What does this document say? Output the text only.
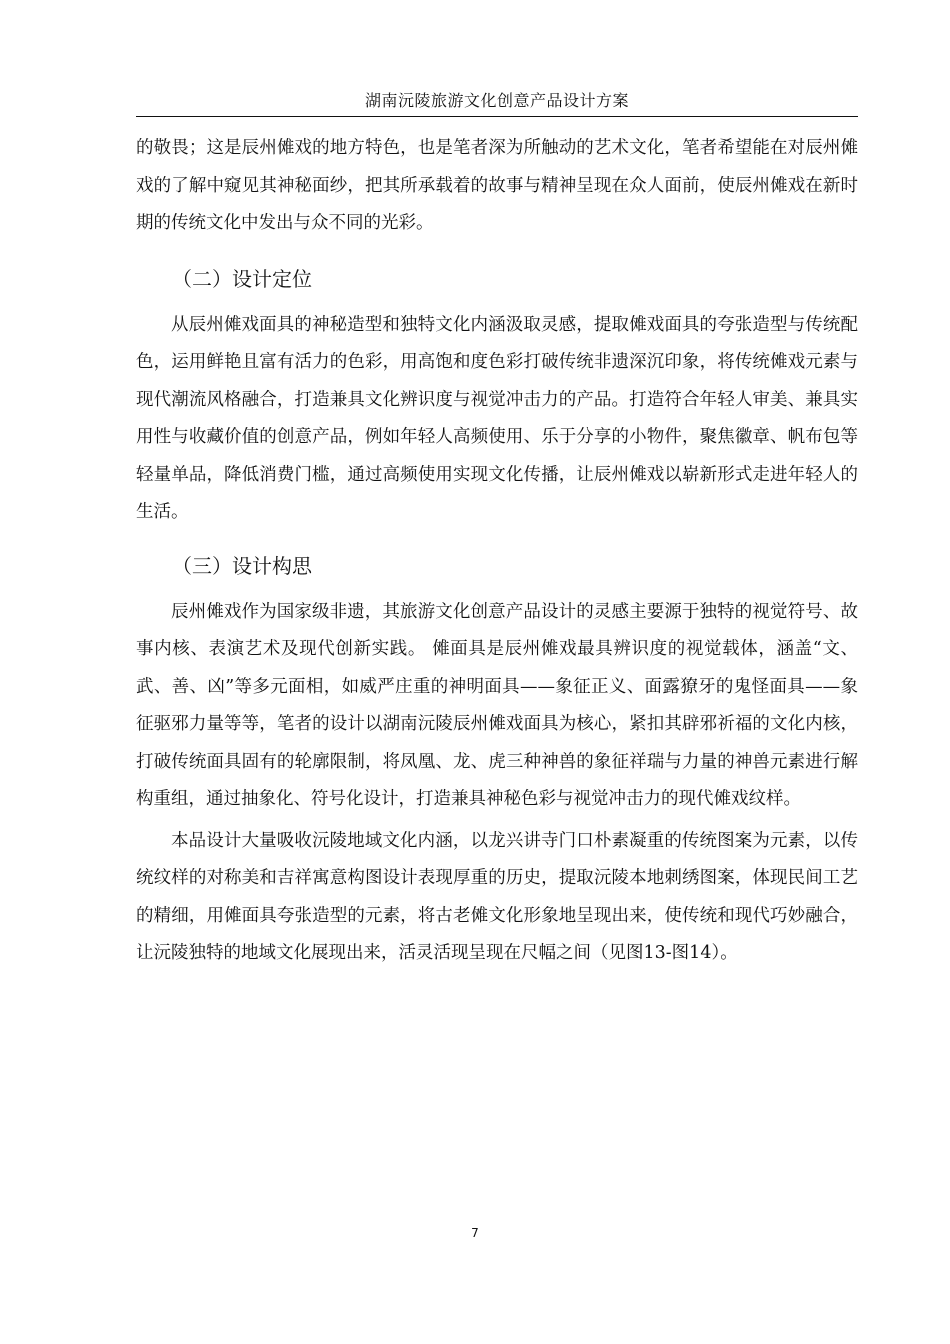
湖南沅陵旅游文化创意产品设计方案

的敬畏；这是辰州傩戏的地方特色，也是笔者深为所触动的艺术文化，笔者希望能在对辰州傩戏的了解中窥见其神秘面纱，把其所承载着的故事与精神呈现在众人面前，使辰州傩戏在新时期的传统文化中发出与众不同的光彩。

（二）设计定位

从辰州傩戏面具的神秘造型和独特文化内涵汲取灵感，提取傩戏面具的夸张造型与传统配色，运用鲜艳且富有活力的色彩，用高饱和度色彩打破传统非遗深沉印象，将传统傩戏元素与现代潮流风格融合，打造兼具文化辨识度与视觉冲击力的产品。打造符合年轻人审美、兼具实用性与收藏价值的创意产品，例如年轻人高频使用、乐于分享的小物件，聚焦徽章、帆布包等轻量单品，降低消费门槛，通过高频使用实现文化传播，让辰州傩戏以崭新形式走进年轻人的生活。

（三）设计构思

辰州傩戏作为国家级非遗，其旅游文化创意产品设计的灵感主要源于独特的视觉符号、故事内核、表演艺术及现代创新实践。 傩面具是辰州傩戏最具辨识度的视觉载体，涵盖“文、武、善、凶”等多元面相，如威严庄重的神明面具——象征正义、面露獠牙的鬼怪面具——象征驱邪力量等等，笔者的设计以湖南沅陵辰州傩戏面具为核心，紧扣其辟邪祈福的文化内核，打破传统面具固有的轮廓限制，将凤凰、龙、虎三种神兽的象征祥瑞与力量的神兽元素进行解构重组，通过抽象化、符号化设计，打造兼具神秘色彩与视觉冲击力的现代傩戏纹样。

本品设计大量吸收沅陵地域文化内涵，以龙兴讲寺门口朴素凝重的传统图案为元素，以传统纹样的对称美和吉祥寓意构图设计表现厚重的历史，提取沅陵本地刺绣图案，体现民间工艺的精细，用傩面具夸张造型的元素，将古老傩文化形象地呈现出来，使传统和现代巧妙融合，让沅陵独特的地域文化展现出来，活灵活现呈现在尺幅之间（见图13-图14）。

7
